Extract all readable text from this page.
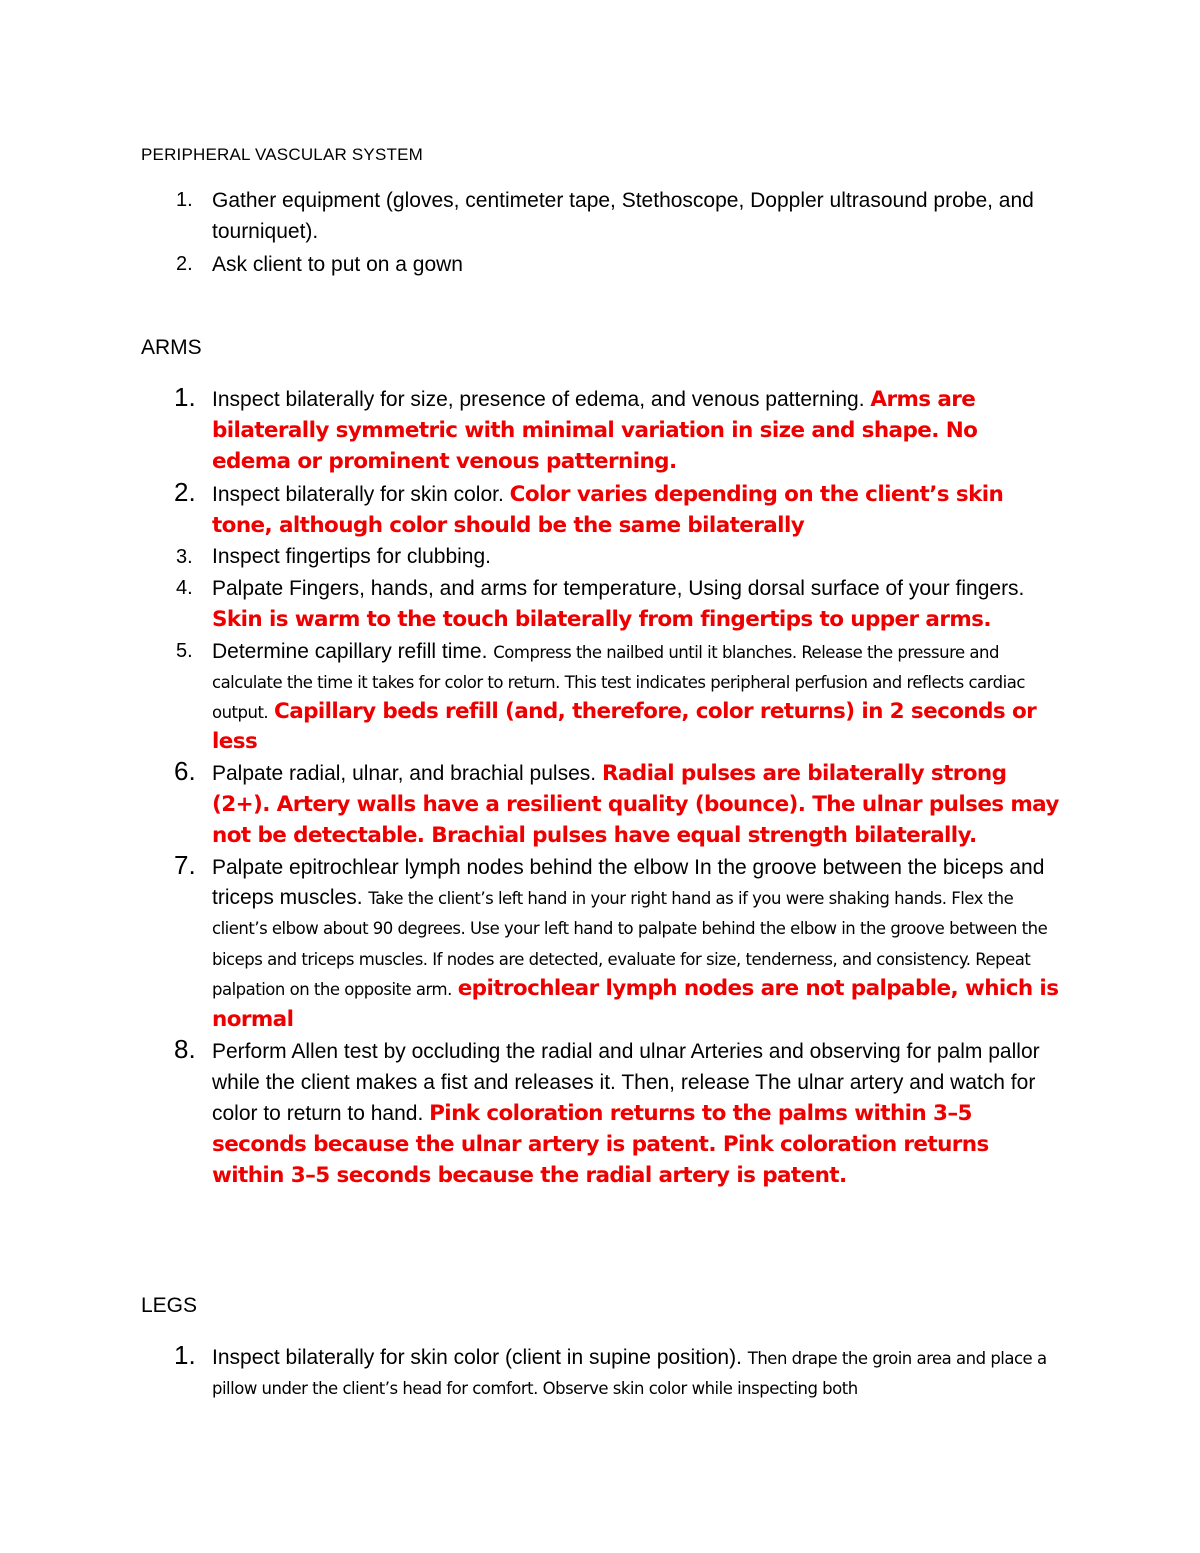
PERIPHERAL VASCULAR SYSTEM
1. Gather equipment (gloves, centimeter tape, Stethoscope, Doppler ultrasound probe, and tourniquet).
2. Ask client to put on a gown
ARMS
1. Inspect bilaterally for size, presence of edema, and venous patterning. Arms are bilaterally symmetric with minimal variation in size and shape. No edema or prominent venous patterning.
2. Inspect bilaterally for skin color. Color varies depending on the client’s skin tone, although color should be the same bilaterally
3. Inspect fingertips for clubbing.
4. Palpate Fingers, hands, and arms for temperature, Using dorsal surface of your fingers. Skin is warm to the touch bilaterally from fingertips to upper arms.
5. Determine capillary refill time. Compress the nailbed until it blanches. Release the pressure and calculate the time it takes for color to return. This test indicates peripheral perfusion and reflects cardiac output. Capillary beds refill (and, therefore, color returns) in 2 seconds or less
6. Palpate radial, ulnar, and brachial pulses. Radial pulses are bilaterally strong (2+). Artery walls have a resilient quality (bounce). The ulnar pulses may not be detectable. Brachial pulses have equal strength bilaterally.
7. Palpate epitrochlear lymph nodes behind the elbow In the groove between the biceps and triceps muscles. Take the client’s left hand in your right hand as if you were shaking hands. Flex the client’s elbow about 90 degrees. Use your left hand to palpate behind the elbow in the groove between the biceps and triceps muscles. If nodes are detected, evaluate for size, tenderness, and consistency. Repeat palpation on the opposite arm. epitrochlear lymph nodes are not palpable, which is normal
8. Perform Allen test by occluding the radial and ulnar Arteries and observing for palm pallor while the client makes a fist and releases it. Then, release The ulnar artery and watch for color to return to hand. Pink coloration returns to the palms within 3–5 seconds because the ulnar artery is patent. Pink coloration returns within 3–5 seconds because the radial artery is patent.
LEGS
1. Inspect bilaterally for skin color (client in supine position). Then drape the groin area and place a pillow under the client’s head for comfort. Observe skin color while inspecting both
